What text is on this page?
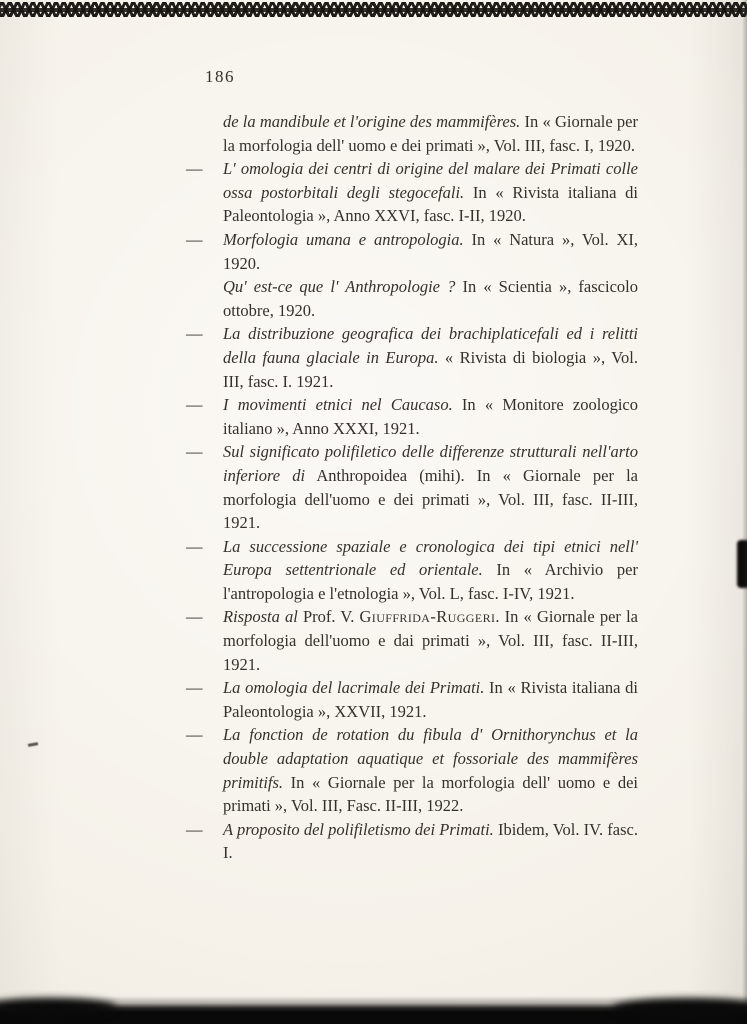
186
de la mandibule et l'origine des mammifères. In « Giornale per la morfologia dell' uomo e dei primati », Vol. III, fasc. I, 1920.
— L' omologia dei centri di origine del malare dei Primati colle ossa postorbitali degli stegocefali. In « Rivista italiana di Paleontologia », Anno XXVI, fasc. I-II, 1920.
— Morfologia umana e antropologia. In « Natura », Vol. XI, 1920.
Qu' est-ce que l' Anthropologie ? In « Scientia », fascicolo ottobre, 1920.
— La distribuzione geografica dei brachiplaticefali ed i relitti della fauna glaciale in Europa. « Rivista di biologia », Vol. III, fasc. I. 1921.
— I movimenti etnici nel Caucaso. In « Monitore zoologico italiano », Anno XXXI, 1921.
— Sul significato polifiletico delle differenze strutturali nell'arto inferiore di Anthropoidea (mihi). In « Giornale per la morfologia dell'uomo e dei primati », Vol. III, fasc. II-III, 1921.
— La successione spaziale e cronologica dei tipi etnici nell' Europa settentrionale ed orientale. In « Archivio per l'antropologia e l'etnologia », Vol. L, fasc. I-IV, 1921.
— Risposta al Prof. V. Giuffrida-Ruggeri. In « Giornale per la morfologia dell'uomo e dai primati », Vol. III, fasc. II-III, 1921.
— La omologia del lacrimale dei Primati. In « Rivista italiana di Paleontologia », XXVII, 1921.
— La fonction de rotation du fibula d' Ornithorynchus et la double adaptation aquatique et fossoriale des mammifères primitifs. In « Giornale per la morfologia dell' uomo e dei primati », Vol. III, Fasc. II-III, 1922.
— A proposito del polifiletismo dei Primati. Ibidem, Vol. IV. fasc. I.
